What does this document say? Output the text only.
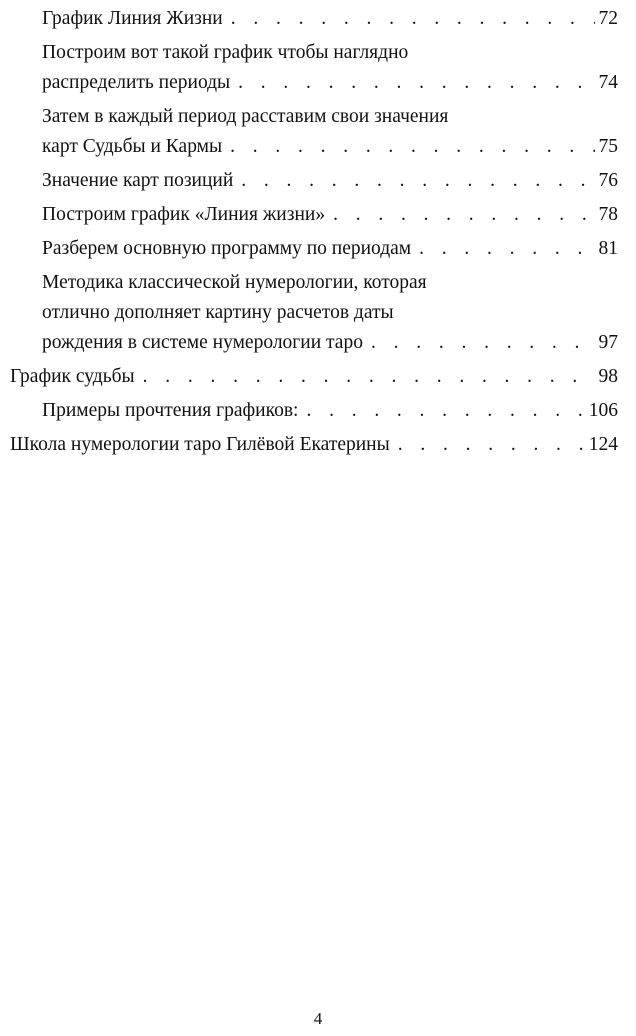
График Линия Жизни . . .	72
Построим вот такой график чтобы наглядно
распределить периоды . . .	74
Затем в каждый период расставим свои значения
карт Судьбы и Кармы . . .	75
Значение карт позиций . . .	76
Построим график «Линия жизни» . . .	78
Разберем основную программу по периодам . . .	81
Методика классической нумерологии, которая
отлично дополняет картину расчетов даты
рождения в системе нумерологии таро . . .	97
График судьбы . . .	98
Примеры прочтения графиков: . . .	106
Школа нумерологии таро Гилёвой Екатерины . . .	124
4
